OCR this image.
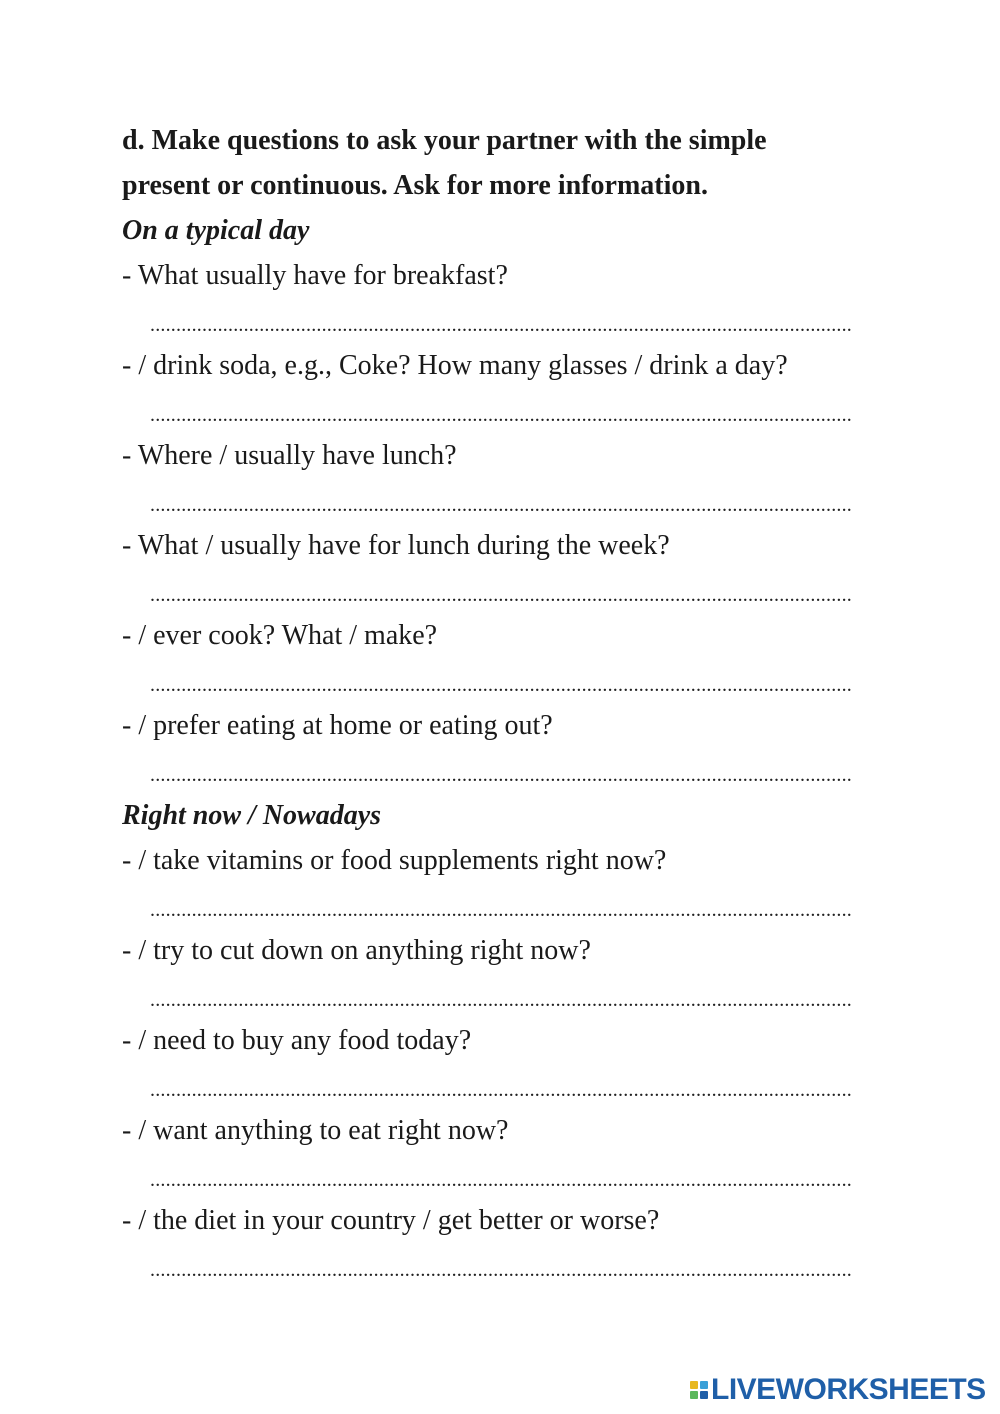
d. Make questions to ask your partner with the simple

present or continuous. Ask for more information.

On a typical day

- What usually have for breakfast?

.....

- / drink soda, e.g., Coke? How many glasses / drink a day?

.....

- Where / usually have lunch?

.....

- What / usually have for lunch during the week?

.....

- / ever cook? What / make?

.....

- / prefer eating at home or eating out?

.....

Right now / Nowadays

- / take vitamins or food supplements right now?

.....

- / try to cut down on anything right now?

.....

- / need to buy any food today?

.....

- / want anything to eat right now?

.....

- / the diet in your country / get better or worse?

.....
LIVEWORKSHEETS
